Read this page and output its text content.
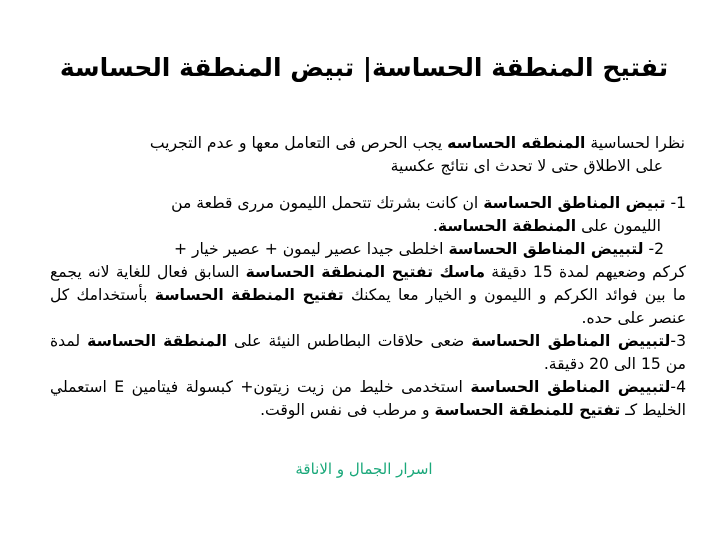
تفتيح المنطقة الحساسة| تبيض المنطقة الحساسة
نظرا لحساسية المنطقه الحساسه يجب الحرص فى التعامل معها و عدم التجريب
على الاطلاق حتى لا تحدث اى نتائج عكسية
1- تبيض المناطق الحساسة ان كانت بشرتك تتحمل الليمون مررى قطعة من
الليمون على المنطقة الحساسة.
2- لتبييض المناطق الحساسة اخلطى جيدا عصير ليمون + عصير خيار +
كركم وضعيهم لمدة 15 دقيقة ماسك تفتيح المنطقة الحساسة السابق فعال للغاية لانه يجمع ما بين فوائد الكركم و الليمون و الخيار معا يمكنك تفتيح المنطقة الحساسة بأستخدامك كل عنصر على حده.
3-لتبييض المناطق الحساسة ضعى حلاقات البطاطس النيئة على المنطقة الحساسة لمدة من 15 الى 20 دقيقة.
4-لتبييض المناطق الحساسة استخدمى خليط من زيت زيتون+ كبسولة فيتامين E استعملي الخليط كـ تفتيح للمنطقة الحساسة و مرطب فى نفس الوقت.
اسرار الجمال و الاناقة
